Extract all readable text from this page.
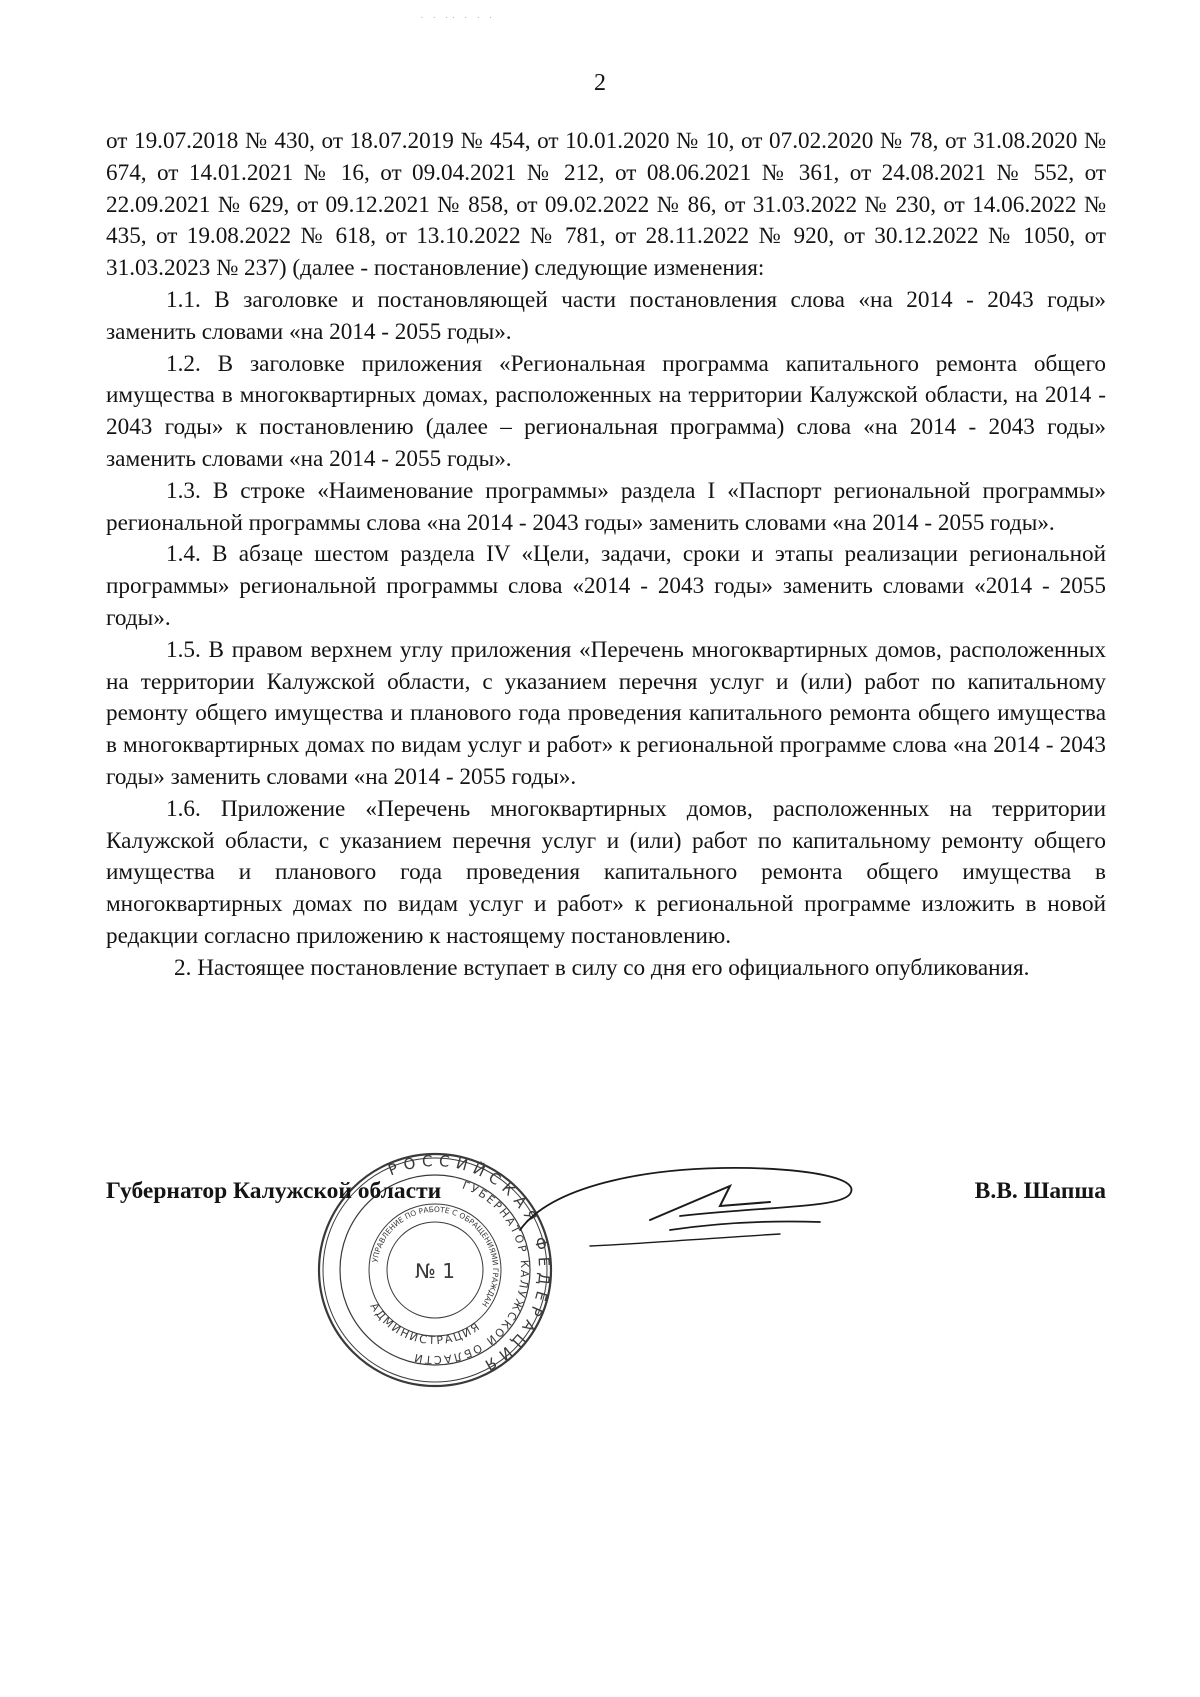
· · ·· · · ·
2

от 19.07.2018 № 430, от 18.07.2019 № 454, от 10.01.2020 № 10, от 07.02.2020 № 78, от 31.08.2020 № 674, от 14.01.2021 № 16, от 09.04.2021 № 212, от 08.06.2021 № 361, от 24.08.2021 № 552, от 22.09.2021 № 629, от 09.12.2021 № 858, от 09.02.2022 № 86, от 31.03.2022 № 230, от 14.06.2022 № 435, от 19.08.2022 № 618, от 13.10.2022 № 781, от 28.11.2022 № 920, от 30.12.2022 № 1050, от 31.03.2023 № 237) (далее - постановление) следующие изменения:

1.1. В заголовке и постановляющей части постановления слова «на 2014 - 2043 годы» заменить словами «на 2014 - 2055 годы».

1.2. В заголовке приложения «Региональная программа капитального ремонта общего имущества в многоквартирных домах, расположенных на территории Калужской области, на 2014 - 2043 годы» к постановлению (далее – региональная программа) слова «на 2014 - 2043 годы» заменить словами «на 2014 - 2055 годы».

1.3. В строке «Наименование программы» раздела I «Паспорт региональной программы» региональной программы слова «на 2014 - 2043 годы» заменить словами «на 2014 - 2055 годы».

1.4. В абзаце шестом раздела IV «Цели, задачи, сроки и этапы реализации региональной программы» региональной программы слова «2014 - 2043 годы» заменить словами «2014 - 2055 годы».

1.5. В правом верхнем углу приложения «Перечень многоквартирных домов, расположенных на территории Калужской области, с указанием перечня услуг и (или) работ по капитальному ремонту общего имущества и планового года проведения капитального ремонта общего имущества в многоквартирных домах по видам услуг и работ» к региональной программе слова «на 2014 - 2043 годы» заменить словами «на 2014 - 2055 годы».

1.6. Приложение «Перечень многоквартирных домов, расположенных на территории Калужской области, с указанием перечня услуг и (или) работ по капитальному ремонту общего имущества и планового года проведения капитального ремонта общего имущества в многоквартирных домах по видам услуг и работ» к региональной программе изложить в новой редакции согласно приложению к настоящему постановлению.

2. Настоящее постановление вступает в силу со дня его официального опубликования.

РОССИЙСКАЯ ФЕДЕРАЦИЯ
ГУБЕРНАТОР КАЛУЖСКОЙ ОБЛАСТИ
АДМИНИСТРАЦИЯ
УПРАВЛЕНИЕ ПО РАБОТЕ С ОБРАЩЕНИЯМИ ГРАЖДАН
№ 1
Губернатор Калужской области	В.В. Шапша
